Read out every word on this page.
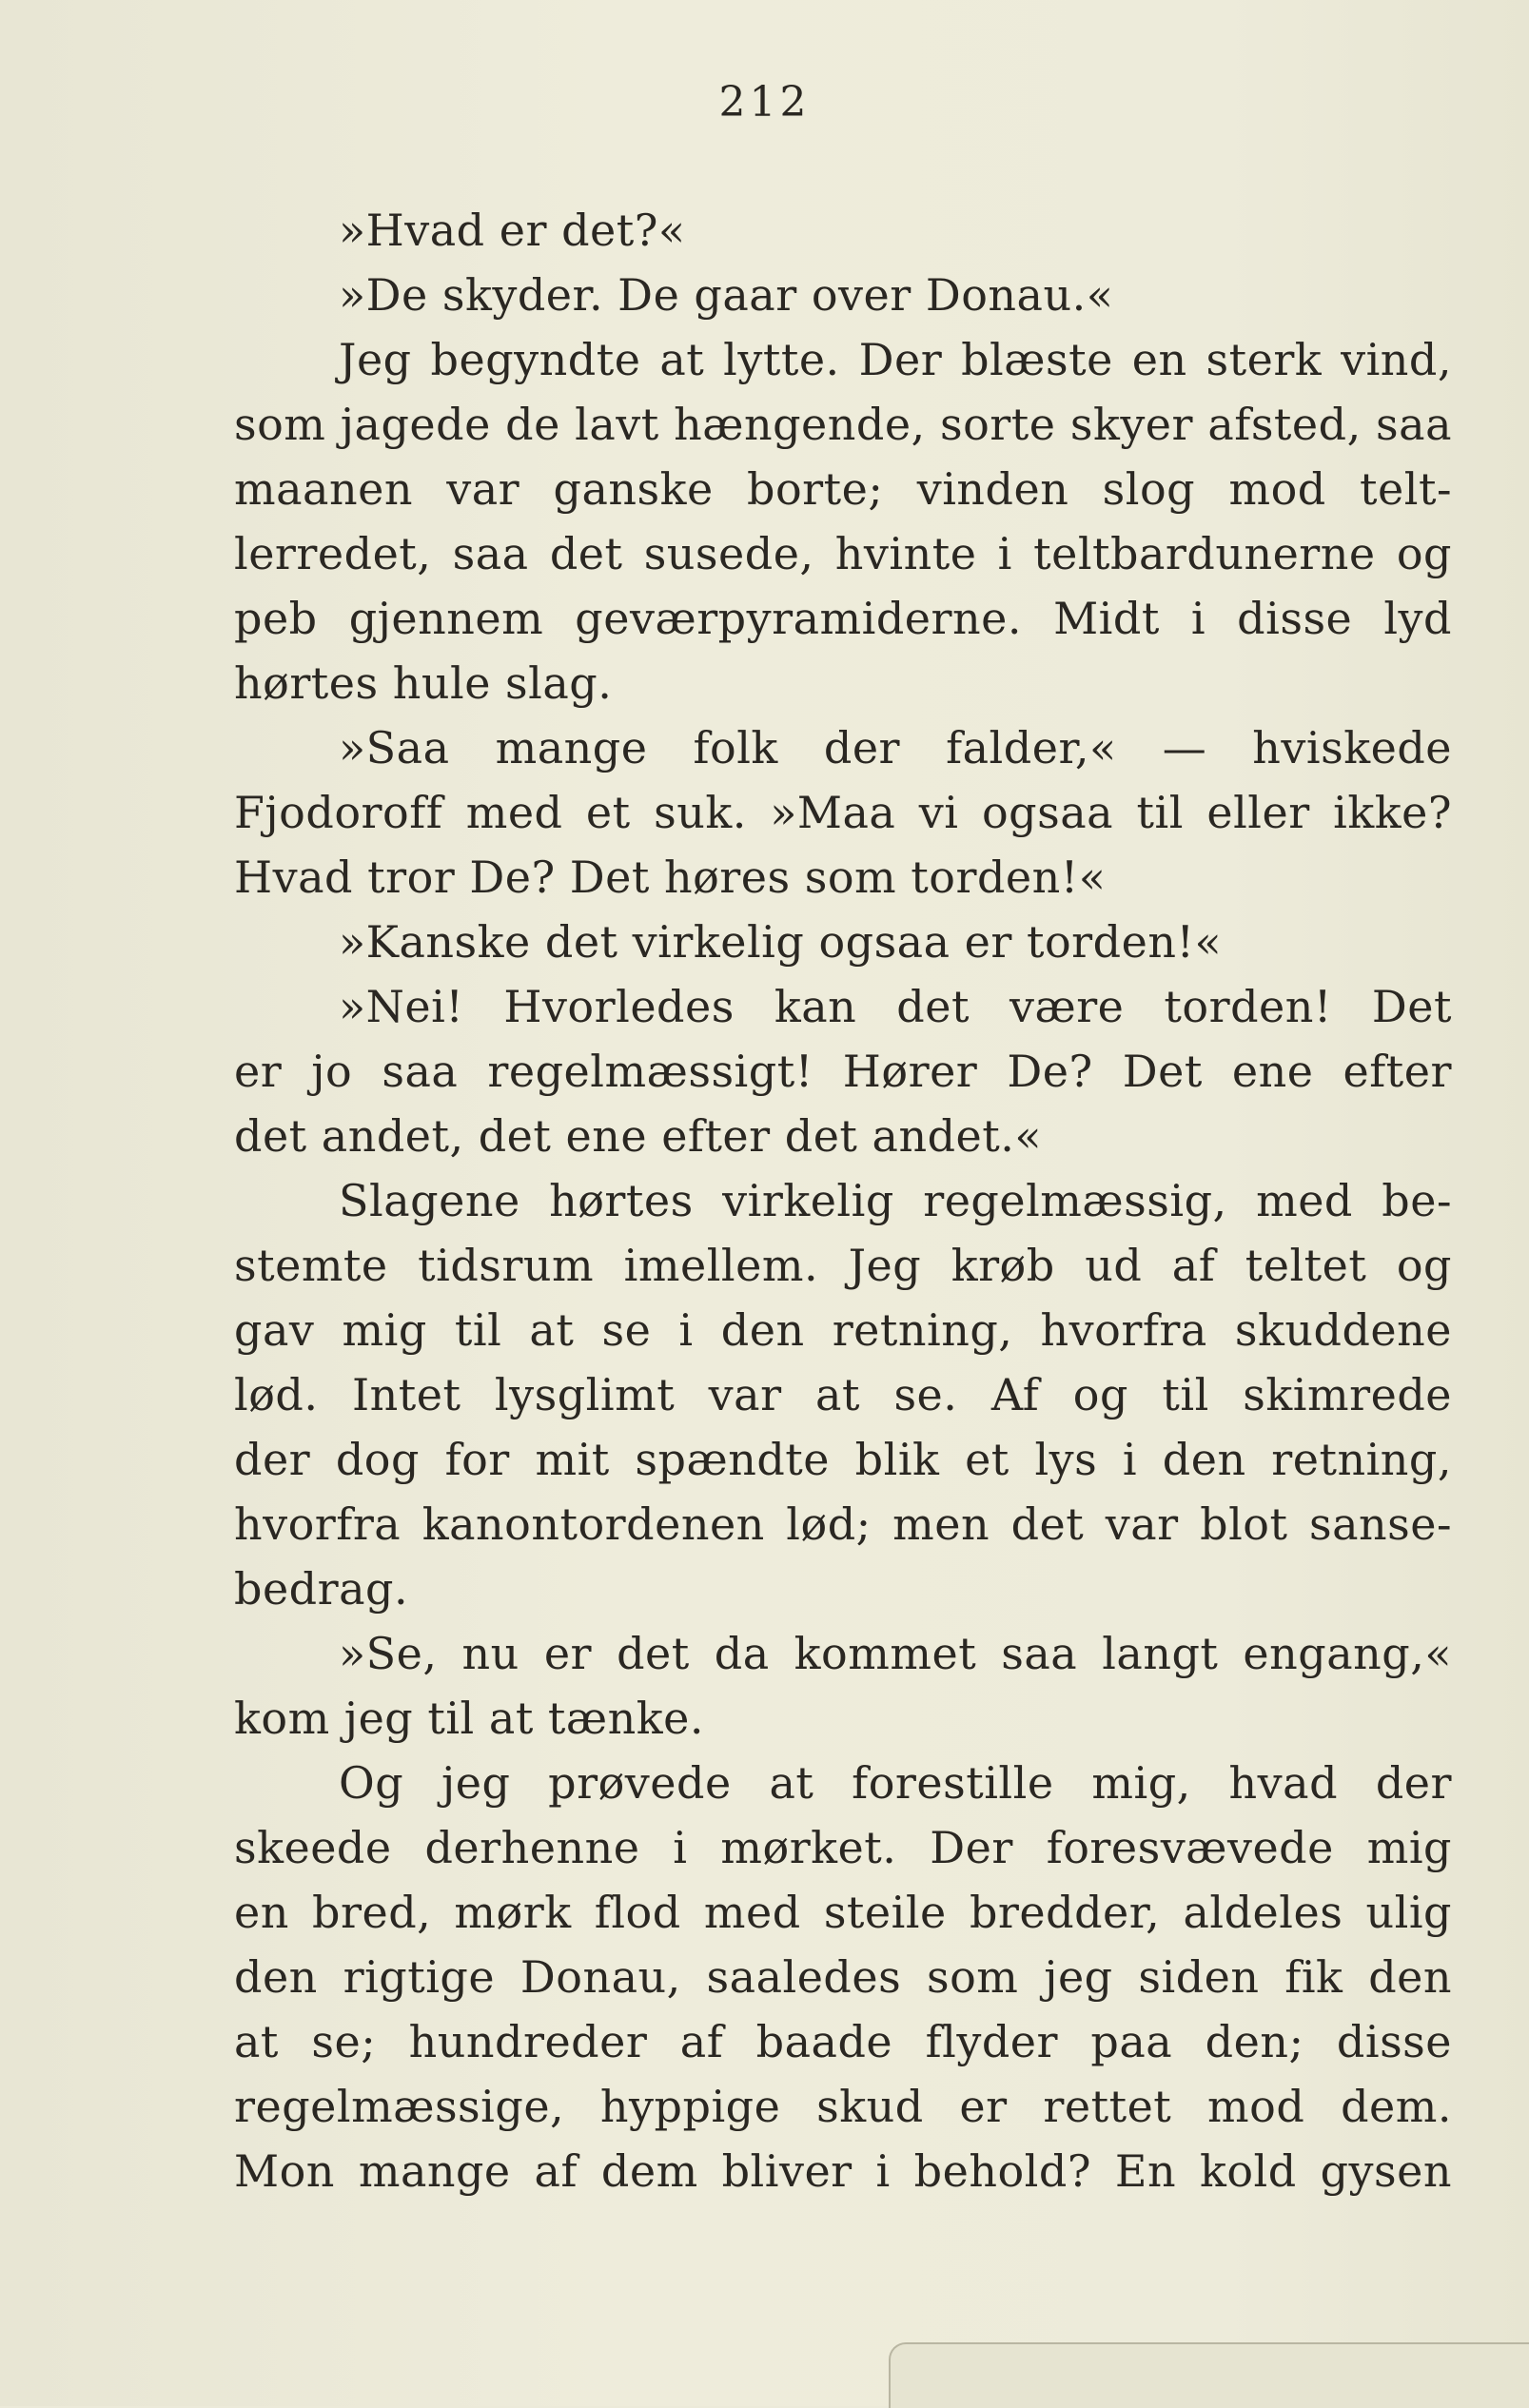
212
»Hvad er det?«
»De skyder. De gaar over Donau.«
Jeg begyndte at lytte. Der blæste en sterk vind,
som jagede de lavt hængende, sorte skyer afsted, saa
maanen var ganske borte; vinden slog mod telt-
lerredet, saa det susede, hvinte i teltbardunerne og
peb gjennem geværpyramiderne. Midt i disse lyd
hørtes hule slag.
»Saa mange folk der falder,« — hviskede
Fjodoroff med et suk. »Maa vi ogsaa til eller ikke?
Hvad tror De? Det høres som torden!«
»Kanske det virkelig ogsaa er torden!«
»Nei! Hvorledes kan det være torden! Det
er jo saa regelmæssigt! Hører De? Det ene efter
det andet, det ene efter det andet.«
Slagene hørtes virkelig regelmæssig, med be-
stemte tidsrum imellem. Jeg krøb ud af teltet og
gav mig til at se i den retning, hvorfra skuddene
lød. Intet lysglimt var at se. Af og til skimrede
der dog for mit spændte blik et lys i den retning,
hvorfra kanontordenen lød; men det var blot sanse-
bedrag.
»Se, nu er det da kommet saa langt engang,«
kom jeg til at tænke.
Og jeg prøvede at forestille mig, hvad der
skeede derhenne i mørket. Der foresvævede mig
en bred, mørk flod med steile bredder, aldeles ulig
den rigtige Donau, saaledes som jeg siden fik den
at se; hundreder af baade flyder paa den; disse
regelmæssige, hyppige skud er rettet mod dem.
Mon mange af dem bliver i behold? En kold gysen
